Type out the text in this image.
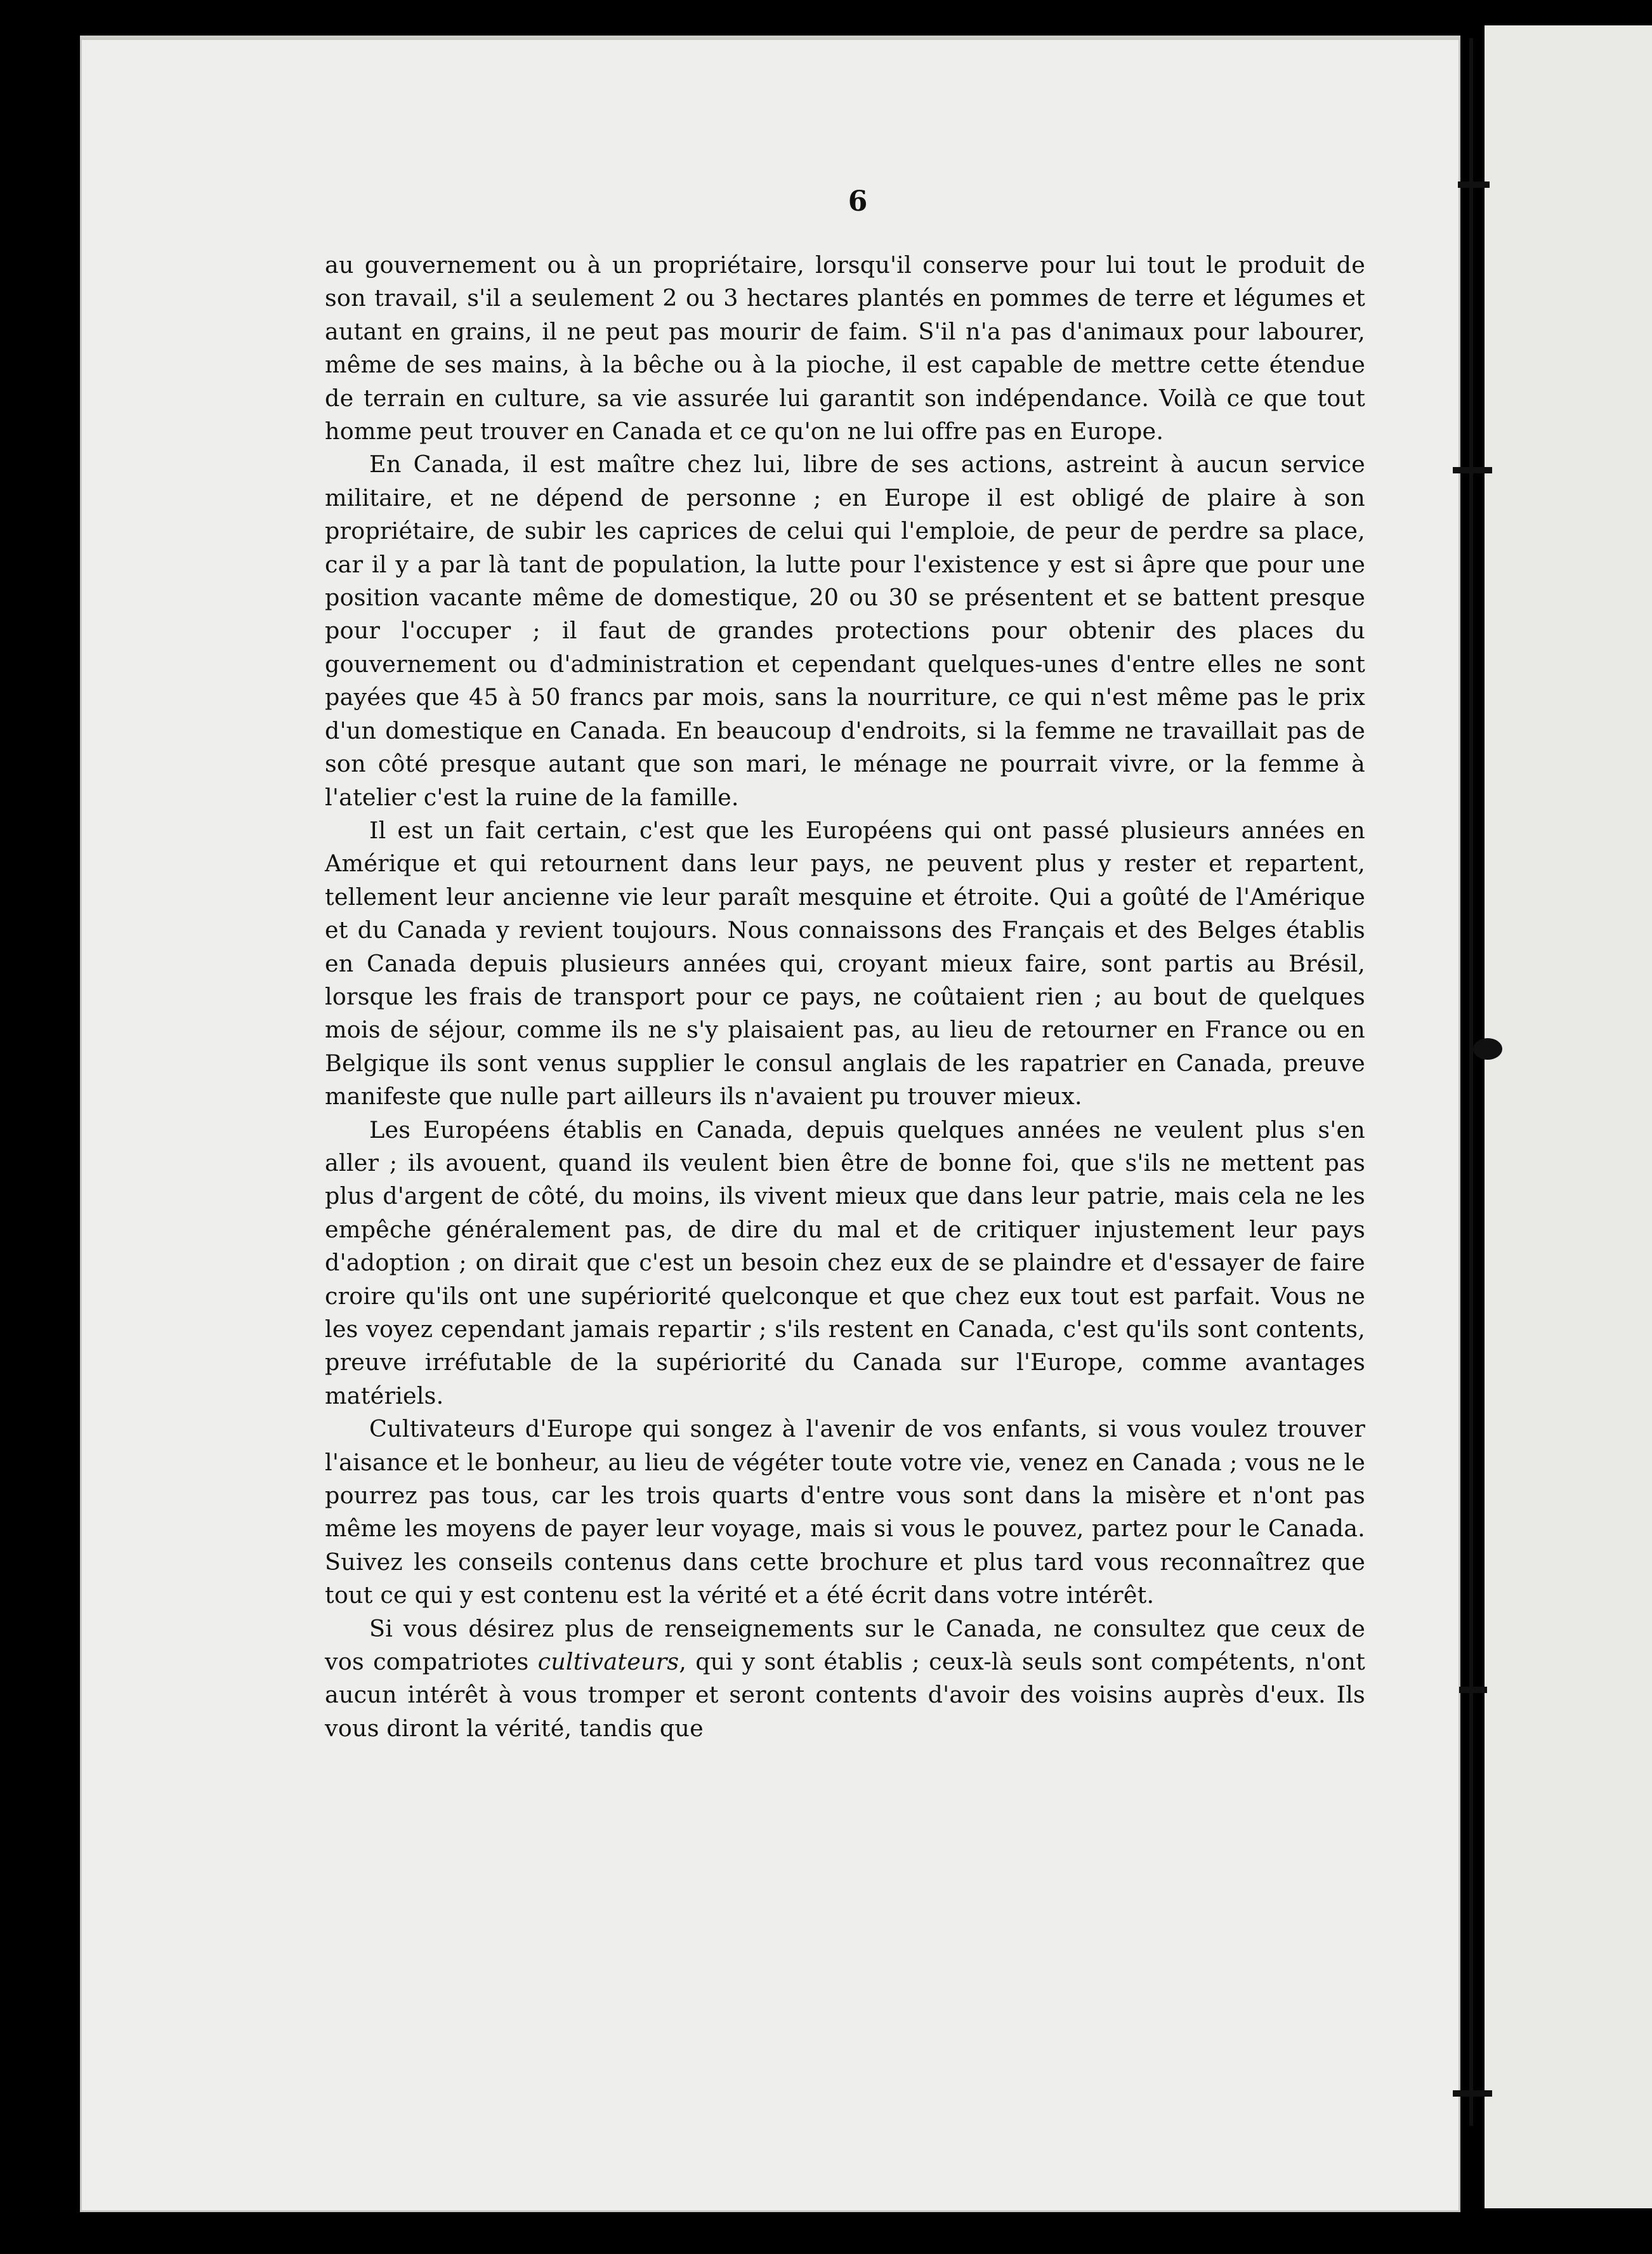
6

au gouvernement ou à un propriétaire, lorsqu'il conserve pour lui tout le produit de son travail, s'il a seulement 2 ou 3 hectares plantés en pommes de terre et légumes et autant en grains, il ne peut pas mourir de faim. S'il n'a pas d'animaux pour labourer, même de ses mains, à la bêche ou à la pioche, il est capable de mettre cette étendue de terrain en culture, sa vie assurée lui garantit son indépendance. Voilà ce que tout homme peut trouver en Canada et ce qu'on ne lui offre pas en Europe.

En Canada, il est maître chez lui, libre de ses actions, astreint à aucun service militaire, et ne dépend de personne ; en Europe il est obligé de plaire à son propriétaire, de subir les caprices de celui qui l'emploie, de peur de perdre sa place, car il y a par là tant de population, la lutte pour l'existence y est si âpre que pour une position vacante même de domestique, 20 ou 30 se présentent et se battent presque pour l'occuper ; il faut de grandes protections pour obtenir des places du gouvernement ou d'administration et cependant quelques-unes d'entre elles ne sont payées que 45 à 50 francs par mois, sans la nourriture, ce qui n'est même pas le prix d'un domestique en Canada. En beaucoup d'endroits, si la femme ne travaillait pas de son côté presque autant que son mari, le ménage ne pourrait vivre, or la femme à l'atelier c'est la ruine de la famille.

Il est un fait certain, c'est que les Européens qui ont passé plusieurs années en Amérique et qui retournent dans leur pays, ne peuvent plus y rester et repartent, tellement leur ancienne vie leur paraît mesquine et étroite. Qui a goûté de l'Amérique et du Canada y revient toujours. Nous connaissons des Français et des Belges établis en Canada depuis plusieurs années qui, croyant mieux faire, sont partis au Brésil, lorsque les frais de transport pour ce pays, ne coûtaient rien ; au bout de quelques mois de séjour, comme ils ne s'y plaisaient pas, au lieu de retourner en France ou en Belgique ils sont venus supplier le consul anglais de les rapatrier en Canada, preuve manifeste que nulle part ailleurs ils n'avaient pu trouver mieux.

Les Européens établis en Canada, depuis quelques années ne veulent plus s'en aller ; ils avouent, quand ils veulent bien être de bonne foi, que s'ils ne mettent pas plus d'argent de côté, du moins, ils vivent mieux que dans leur patrie, mais cela ne les empêche généralement pas, de dire du mal et de critiquer injustement leur pays d'adoption ; on dirait que c'est un besoin chez eux de se plaindre et d'essayer de faire croire qu'ils ont une supériorité quelconque et que chez eux tout est parfait. Vous ne les voyez cependant jamais repartir ; s'ils restent en Canada, c'est qu'ils sont contents, preuve irréfutable de la supériorité du Canada sur l'Europe, comme avantages matériels.

Cultivateurs d'Europe qui songez à l'avenir de vos enfants, si vous voulez trouver l'aisance et le bonheur, au lieu de végéter toute votre vie, venez en Canada ; vous ne le pourrez pas tous, car les trois quarts d'entre vous sont dans la misère et n'ont pas même les moyens de payer leur voyage, mais si vous le pouvez, partez pour le Canada. Suivez les conseils contenus dans cette brochure et plus tard vous reconnaîtrez que tout ce qui y est contenu est la vérité et a été écrit dans votre intérêt.

Si vous désirez plus de renseignements sur le Canada, ne consultez que ceux de vos compatriotes cultivateurs, qui y sont établis ; ceux-là seuls sont compétents, n'ont aucun intérêt à vous tromper et seront contents d'avoir des voisins auprès d'eux. Ils vous diront la vérité, tandis que
